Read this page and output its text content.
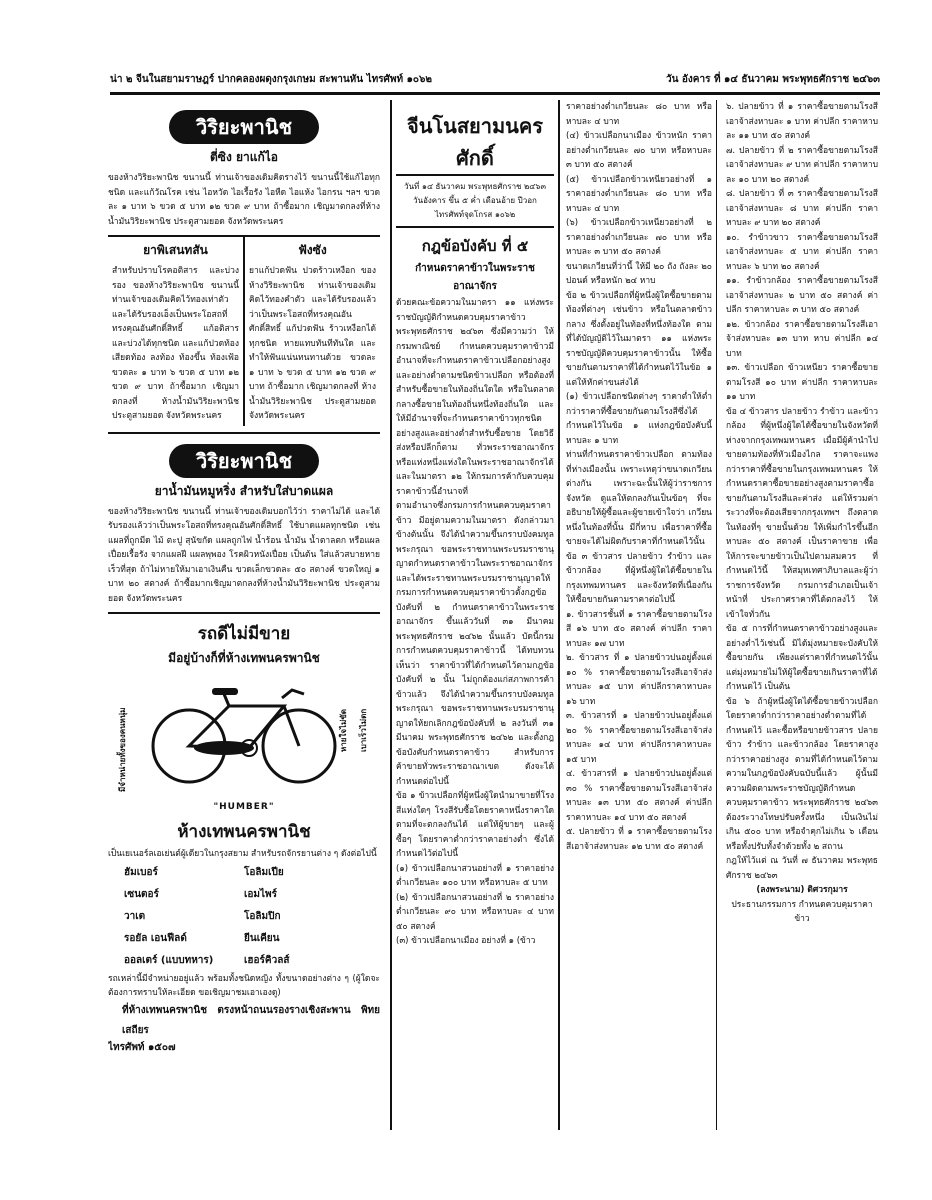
น่า ๒ จีนในสยามราษฎร์ ปากคลองผดุงกรุงเกษม สะพานหัน ไทรศัพท์ ๑๐๖๒	วัน อังคาร ที่ ๑๔ ธันวาคม พระพุทธศักราช ๒๔๖๓
วิริยะพานิช
ตี่ซิง ยาแก้ไอ

ของห้างวิริยะพานิช ขนานนี้ ท่านเจ้าของเดิมคิดรางไว้ ขนานนี้ใช้แก้ไอทุกชนิด และแก้วัณโรค เช่น ไอหวัด ไอเรื้อรัง ไอหืด ไอแห้ง ไอกรน ฯลฯ ขวดละ ๑ บาท ๖ ขวด ๕ บาท ๑๒ ขวด ๙ บาท ถ้าซื้อมาก เชิญมาตกลงที่ห้างน้ำมันวิริยะพานิช ประตูสามยอด จังหวัดพระนคร

ยาพิเสนทสัน

สำหรับปราบโรคอติสาร และบ่วงรอง ของห้างวิริยะพานิช ขนานนี้ ท่านเจ้าของเดิมคิดไว้ทองเท่าตัว และได้รับรองเอ็งเป็นพระโอสถที่ทรงคุณอันศักดิ์สิทธิ์ แก้อติสาร และบ่วงได้ทุกชนิด และแก้ปวดท้อง เสียดท้อง ลงท้อง ท้องขึ้น ท้องเฟ้อ ขวดละ ๑ บาท ๖ ขวด ๕ บาท ๑๒ ขวด ๙ บาท ถ้าซื้อมาก เชิญมาตกลงที่ ห้างน้ำมันวิริยะพานิช ประตูสามยอด จังหวัดพระนคร

ฟังซัง

ยาแก้ปวดฟัน ปวดร้าวเหงือก ของห้างวิริยะพานิช ท่านเจ้าของเดิมคิดไว้ทองคำตัว และได้รับรองแล้วว่าเป็นพระโอสถที่ทรงคุณอันศักดิ์สิทธิ์ แก้ปวดฟัน ร้าวเหงือกได้ทุกชนิด หายแทบทันทีทันใด และทำให้ฟันแน่นทนทานด้วย ขวดละ ๑ บาท ๖ ขวด ๕ บาท ๑๒ ขวด ๙ บาท ถ้าซื้อมาก เชิญมาตกลงที่ ห้างน้ำมันวิริยะพานิช ประตูสามยอด จังหวัดพระนคร

วิริยะพานิช
ยาน้ำมันหมูหริ่ง สำหรับใส่บาดแผล

ของห้างวิริยะพานิช ขนานนี้ ท่านเจ้าของเดิมบอกไว้ว่า ราคาไม่ได้ และได้รับรองแล้วว่าเป็นพระโอสถที่ทรงคุณอันศักดิ์สิทธิ์ ใช้บาดแผลทุกชนิด เช่นแผลที่ถูกมีด ไม้ ตะปู สุนัขกัด แผลถูกไฟ น้ำร้อน น้ำมัน น้ำตาลตก หรือแผลเปื่อยเรื้อรัง จากแผลฝี แผลพุพอง โรคผิวหนังเปื่อย เป็นต้น ใส่แล้วสบายหายเร็วที่สุด ถ้าไม่หายให้มาเอาเงินคืน ขวดเล็กขวดละ ๕๐ สตางค์ ขวดใหญ่ ๑ บาท ๒๐ สตางค์ ถ้าซื้อมากเชิญมาตกลงที่ห้างน้ำมันวิริยะพานิช ประตูสามยอด จังหวัดพระนคร

รถดีไม่มีขาย
มีอยู่บ้างก็ที่ห้างเทพนครพานิช
มีจำหน่ายทั้งของคนหนุ่ม	หายใจไม่ขัด เบาเร็วไม่ตก
"HUMBER"
ห้างเทพนครพานิช

เป็นเยเนอร์ลเอเย่นต์ผู้เดียวในกรุงสยาม สำหรับรถจักรยานต่าง ๆ ดังต่อไปนี้

ฮัมเบอร์	โอลิมเปีย
เซนตอร์	เอมไพร์
วาเต	โอลิมปิก
รอยัล เอนฟีลด์	ยีนเคียน
ออลเตร์ (แบบทหาร)	เฮอร์คิวลส์

รถเหล่านี้มีจำหน่ายอยู่แล้ว พร้อมทั้งชนิดหญิง ทั้งขนาดอย่างต่าง ๆ (ผู้ใดจะต้องการทราบให้ละเอียด ขอเชิญมาชมเอาเองดู)

ที่ห้างเทพนครพานิช ตรงหน้าถนนรองรางเชิงสะพาน พิทยเสถียร

ไทรศัพท์ ๑๕๐๗

จีนโนสยามนครศักดิ์
วันที่ ๑๔ ธันวาคม พระพุทธศักราช ๒๔๖๓
วันอังคาร ขึ้น ๕ ค่ำ เดือนอ้าย ปีวอก
ไทรศัพท์จุดโกรส ๑๐๖๒
กฎข้อบังคับ ที่ ๕
กำหนดราคาข้าวในพระราชอาณาจักร

ด้วยคณะข้อความในมาตรา ๑๑ แห่งพระราชบัญญัติกำหนดควบคุมราคาข้าว พระพุทธศักราช ๒๔๖๓ ซึ่งมีความว่า ให้กรมพาณิชย์ กำหนดควบคุมราคาข้าวมีอำนาจที่จะกำหนดราคาข้าวเปลือกอย่างสูงและอย่างต่ำตามชนิดข้าวเปลือก หรือต้องที่สำหรับซื้อขายในท้องถิ่นใดใด หรือในตลาดกลางซื้อขายในท้องถิ่นหนึ่งท้องถิ่นใด และให้มีอำนาจที่จะกำหนดราคาข้าวทุกชนิดอย่างสูงและอย่างต่ำสำหรับซื้อขาย โดยวิธีส่งหรือปลีกก็ตาม ทั่วพระราชอาณาจักร หรือแห่งหนึ่งแห่งใดในพระราชอาณาจักรได้ และในมาตรา ๑๒ ให้กรมการค้ากับควบคุมราคาข้าวนี้อำนาจที่

ตามอำนาจซึ่งกรมการกำหนดควบคุมราคาข้าว มีอยู่ตามความในมาตรา ดังกล่าวมาข้างต้นนั้น จึงได้นำความขึ้นกราบบังคมทูลพระกรุณา ขอพระราชทานพระบรมราชานุญาตกำหนดราคาข้าวในพระราชอาณาจักร และได้พระราชทานพระบรมราชานุญาตให้กรมการกำหนดควบคุมราคาข้าวตั้งกฎข้อบังคับที่ ๒ กำหนดราคาข้าวในพระราชอาณาจักร ขึ้นแล้ววันที่ ๓๑ มีนาคม พระพุทธศักราช ๒๔๖๒ นั้นแล้ว บัดนี้กรมการกำหนดควบคุมราคาข้าวนี้ ได้ทบทวนเห็นว่า ราคาข้าวที่ได้กำหนดไว้ตามกฎข้อบังคับที่ ๒ นั้น ไม่ถูกต้องแก่สภาพการค้าข้าวแล้ว จึงได้นำความขึ้นกราบบังคมทูลพระกรุณา ขอพระราชทานพระบรมราชานุญาตให้ยกเลิกกฎข้อบังคับที่ ๒ ลงวันที่ ๓๑ มีนาคม พระพุทธศักราช ๒๔๖๒ และตั้งกฎข้อบังคับกำหนดราคาข้าว สำหรับการค้าขายทั่วพระราชอาณาเขต ดังจะได้กำหนดต่อไปนี้

ข้อ ๑ ข้าวเปลือกที่ผู้หนึ่งผู้ใดนำมาขายที่โรงสีแห่งใดๆ โรงสีรับซื้อโดยราคาหนึ่งราคาใด ตามที่จะตกลงกันได้ แต่ให้ผู้ขายๆ และผู้ซื้อๆ โดยราคาต่ำกว่าราคาอย่างต่ำ ซึ่งได้กำหนดไว้ต่อไปนี้

(๑) ข้าวเปลือกนาสวนอย่างที่ ๑ ราคาอย่างต่ำเกวียนละ ๑๐๐ บาท หรือหาบละ ๕ บาท

(๒) ข้าวเปลือกนาสวนอย่างที่ ๒ ราคาอย่างต่ำเกวียนละ ๙๐ บาท หรือหาบละ ๔ บาท ๕๐ สตางค์

(๓) ข้าวเปลือกนาเมือง อย่างที่ ๑ (ข้าว

ราคาอย่างต่ำเกวียนละ ๘๐ บาท หรือหาบละ ๔ บาท

(๔) ข้าวเปลือกนาเมือง ข้าวหนัก ราคาอย่างต่ำเกวียนละ ๗๐ บาท หรือหาบละ ๓ บาท ๕๐ สตางค์

(๕) ข้าวเปลือกข้าวเหนียวอย่างที่ ๑ ราคาอย่างต่ำเกวียนละ ๘๐ บาท หรือหาบละ ๔ บาท

(๖) ข้าวเปลือกข้าวเหนียวอย่างที่ ๒ ราคาอย่างต่ำเกวียนละ ๗๐ บาท หรือหาบละ ๓ บาท ๕๐ สตางค์

ขนาดเกวียนที่ว่านี้ ให้มี ๒๐ ถัง ถังละ ๒๐ ปอนด์ หรือหนัก ๒๔ หาบ

ข้อ ๒ ข้าวเปลือกที่ผู้หนึ่งผู้ใดซื้อขายตามท้องที่ต่างๆ เช่นข้าว หรือในตลาดข้าวกลาง ซึ่งตั้งอยู่ในท้องที่หนึ่งท้องใด ตามที่ได้บัญญัติไว้ในมาตรา ๑๑ แห่งพระราชบัญญัติควบคุมราคาข้าวนั้น ให้ซื้อขายกันตามราคาที่ได้กำหนดไว้ในข้อ ๑ แต่ให้หักค่าขนส่งได้

(๑) ข้าวเปลือกชนิดต่างๆ ราคาต่ำให้ต่ำกว่าราคาที่ซื้อขายกันตามโรงสีซึ่งได้กำหนดไว้ในข้อ ๑ แห่งกฎข้อบังคับนี้ หาบละ ๑ บาท

ท่านที่กำหนดราคาข้าวเปลือก ตามท้องที่ห่างเมืองนั้น เพราะเหตุว่าขนาดเกวียนต่างกัน เพราะฉะนั้นให้ผู้ว่าราชการจังหวัด ดูแลให้ตกลงกันเป็นข้อๆ ที่จะอธิบายให้ผู้ซื้อและผู้ขายเข้าใจว่า เกวียนหนึ่งในท้องที่นั้น มีกี่หาบ เพื่อราคาที่ซื้อขายจะได้ไม่ผิดกับราคาที่กำหนดไว้นั้น

ข้อ ๓ ข้าวสาร ปลายข้าว รำข้าว และข้าวกล้อง ที่ผู้หนึ่งผู้ใดได้ซื้อขายในกรุงเทพมหานคร และจังหวัดที่เนื่องกัน ให้ซื้อขายกันตามราคาต่อไปนี้

๑. ข้าวสารชั้นที่ ๑ ราคาซื้อขายตามโรงสี ๑๖ บาท ๕๐ สตางค์ ค่าปลีก ราคาหาบละ ๑๗ บาท

๒. ข้าวสาร ที่ ๑ ปลายข้าวปนอยู่ตั้งแต่ ๑๐ % ราคาซื้อขายตามโรงสีเอาจ้าส่งหาบละ ๑๕ บาท ค่าปลีกราคาหาบละ ๑๖ บาท

๓. ข้าวสารที่ ๑ ปลายข้าวปนอยู่ตั้งแต่ ๒๐ % ราคาซื้อขายตามโรงสีเอาจ้าส่งหาบละ ๑๔ บาท ค่าปลีกราคาหาบละ ๑๕ บาท

๔. ข้าวสารที่ ๑ ปลายข้าวปนอยู่ตั้งแต่ ๓๐ % ราคาซื้อขายตามโรงสีเอาจ้าส่งหาบละ ๑๓ บาท ๕๐ สตางค์ ค่าปลีกราคาหาบละ ๑๔ บาท ๕๐ สตางค์

๕. ปลายข้าว ที่ ๑ ราคาซื้อขายตามโรงสีเอาจ้าส่งหาบละ ๑๒ บาท ๕๐ สตางค์

๖. ปลายข้าว ที่ ๑ ราคาซื้อขายตามโรงสีเอาจ้าส่งหาบละ ๑ บาท ค่าปลีก ราคาหาบละ ๑๑ บาท ๕๐ สตางค์

๗. ปลายข้าว ที่ ๒ ราคาซื้อขายตามโรงสีเอาจ้าส่งหาบละ ๙ บาท ค่าปลีก ราคาหาบละ ๑๐ บาท ๒๐ สตางค์

๘. ปลายข้าว ที่ ๓ ราคาซื้อขายตามโรงสีเอาจ้าส่งหาบละ ๘ บาท ค่าปลีก ราคาหาบละ ๙ บาท ๒๐ สตางค์

๑๐. รำข้าวขาว ราคาซื้อขายตามโรงสีเอาจ้าส่งหาบละ ๕ บาท ค่าปลีก ราคาหาบละ ๖ บาท ๒๐ สตางค์

๑๑. รำข้าวกล้อง ราคาซื้อขายตามโรงสีเอาจ้าส่งหาบละ ๒ บาท ๕๐ สตางค์ ค่าปลีก ราคาหาบละ ๓ บาท ๕๐ สตางค์

๑๒. ข้าวกล้อง ราคาซื้อขายตามโรงสีเอาจ้าส่งหาบละ ๑๓ บาท หาบ ค่าปลีก ๑๔ บาท

๑๓. ข้าวเปลือก ข้าวเหนียว ราคาซื้อขายตามโรงสี ๑๐ บาท ค่าปลีก ราคาหาบละ ๑๑ บาท

ข้อ ๔ ข้าวสาร ปลายข้าว รำข้าว และข้าวกล้อง ที่ผู้หนึ่งผู้ใดได้ซื้อขายในจังหวัดที่ห่างจากกรุงเทพมหานคร เมื่อมีผู้ค้านำไปขายตามท้องที่หัวเมืองไกล ราคาจะแพงกว่าราคาที่ซื้อขายในกรุงเทพมหานคร ให้กำหนดราคาซื้อขายอย่างสูงตามราคาซื้อขายกันตามโรงสีและค่าส่ง แต่ให้รวมค่าระวางที่จะต้องเสียจากกรุงเทพฯ ถึงตลาดในท้องที่ๆ ขายนั้นด้วย ให้เพิ่มกำไรขึ้นอีกหาบละ ๕๐ สตางค์ เป็นราคาขาย เพื่อให้การจะขายข้าวเป็นไปตามสมควร ที่กำหนดไว้นี้ ให้สมุหเทศาภิบาลและผู้ว่าราชการจังหวัด กรมการอำเภอเป็นเจ้าหน้าที่ ประกาศราคาที่ได้ตกลงไว้ ให้เข้าใจทั่วกัน

ข้อ ๕ การที่กำหนดราคาข้าวอย่างสูงและอย่างต่ำไว้เช่นนี้ มิได้มุ่งหมายจะบังคับให้ซื้อขายกัน เพียงแต่ราคาที่กำหนดไว้นั้น แต่มุ่งหมายไม่ให้ผู้ใดซื้อขายเกินราคาที่ได้กำหนดไว้ เป็นต้น

ข้อ ๖ ถ้าผู้หนึ่งผู้ใดได้ซื้อขายข้าวเปลือก โดยราคาต่ำกว่าราคาอย่างต่ำตามที่ได้กำหนดไว้ และซื้อหรือขายข้าวสาร ปลายข้าว รำข้าว และข้าวกล้อง โดยราคาสูงกว่าราคาอย่างสูง ตามที่ได้กำหนดไว้ตามความในกฎข้อบังคับฉบับนี้แล้ว ผู้นั้นมีความผิดตามพระราชบัญญัติกำหนดควบคุมราคาข้าว พระพุทธศักราช ๒๔๖๓ ต้องระวางโทษปรับครั้งหนึ่ง เป็นเงินไม่เกิน ๕๐๐ บาท หรือจำคุกไม่เกิน ๖ เดือน หรือทั้งปรับทั้งจำด้วยทั้ง ๒ สถาน

กฎให้ไว้แต่ ณ วันที่ ๗ ธันวาคม พระพุทธศักราช ๒๔๖๓

(ลงพระนาม) ดิศวรกุมาร

ประธานกรรมการ กำหนดควบคุมราคาข้าว
